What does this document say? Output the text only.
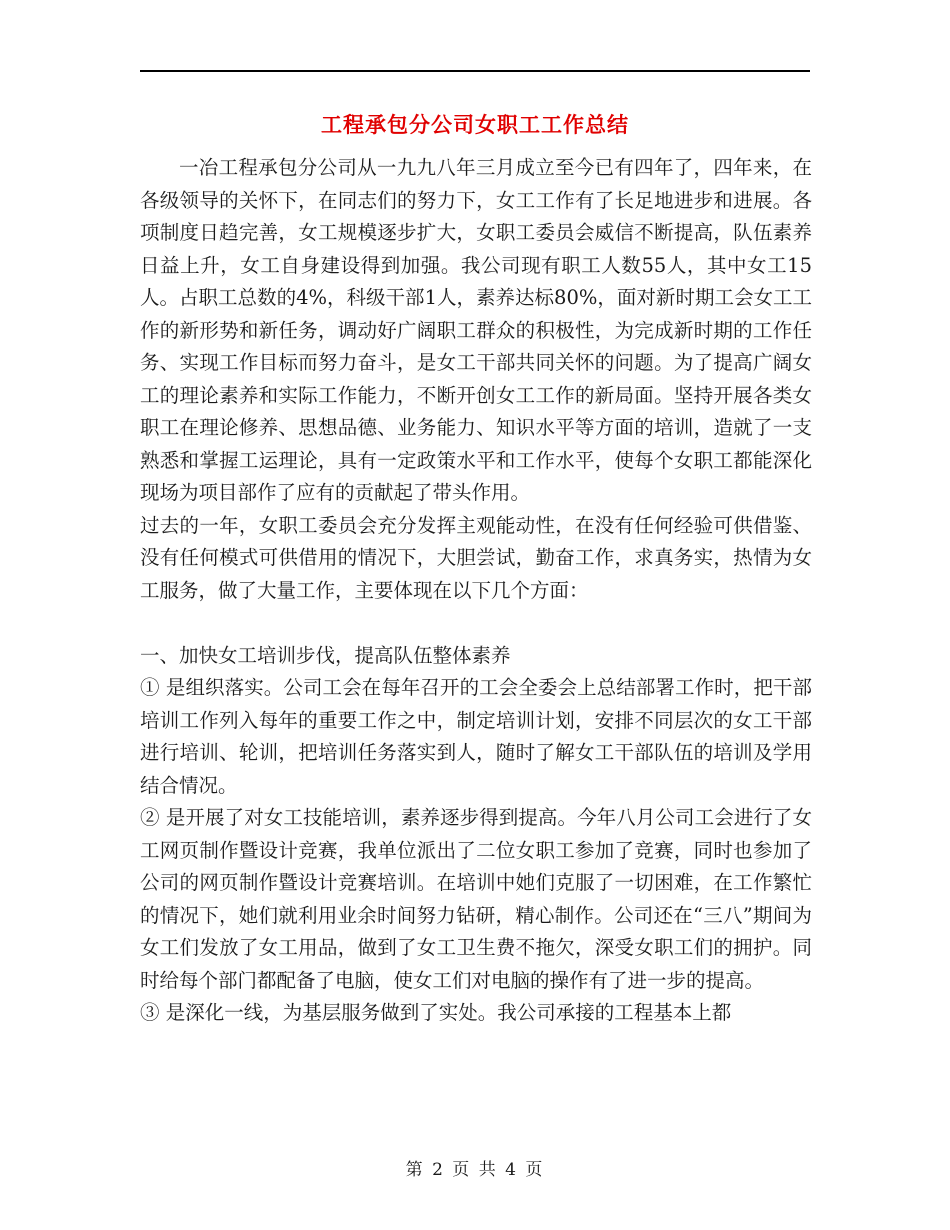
工程承包分公司女职工工作总结

一冶工程承包分公司从一九九八年三月成立至今已有四年了，四年来，在各级领导的关怀下，在同志们的努力下，女工工作有了长足地进步和进展。各项制度日趋完善，女工规模逐步扩大，女职工委员会威信不断提高，队伍素养日益上升，女工自身建设得到加强。我公司现有职工人数55人，其中女工15人。占职工总数的4%，科级干部1人，素养达标80%，面对新时期工会女工工作的新形势和新任务，调动好广阔职工群众的积极性，为完成新时期的工作任务、实现工作目标而努力奋斗，是女工干部共同关怀的问题。为了提高广阔女工的理论素养和实际工作能力，不断开创女工工作的新局面。坚持开展各类女职工在理论修养、思想品德、业务能力、知识水平等方面的培训，造就了一支熟悉和掌握工运理论，具有一定政策水平和工作水平，使每个女职工都能深化现场为项目部作了应有的贡献起了带头作用。

过去的一年，女职工委员会充分发挥主观能动性，在没有任何经验可供借鉴、没有任何模式可供借用的情况下，大胆尝试，勤奋工作，求真务实，热情为女工服务，做了大量工作，主要体现在以下几个方面：

一、加快女工培训步伐，提高队伍整体素养

① 是组织落实。公司工会在每年召开的工会全委会上总结部署工作时，把干部培训工作列入每年的重要工作之中，制定培训计划，安排不同层次的女工干部进行培训、轮训，把培训任务落实到人，随时了解女工干部队伍的培训及学用结合情况。

② 是开展了对女工技能培训，素养逐步得到提高。今年八月公司工会进行了女工网页制作暨设计竞赛，我单位派出了二位女职工参加了竞赛，同时也参加了公司的网页制作暨设计竞赛培训。在培训中她们克服了一切困难，在工作繁忙的情况下，她们就利用业余时间努力钻研，精心制作。公司还在“三八”期间为女工们发放了女工用品，做到了女工卫生费不拖欠，深受女职工们的拥护。同时给每个部门都配备了电脑，使女工们对电脑的操作有了进一步的提高。

③ 是深化一线，为基层服务做到了实处。我公司承接的工程基本上都

第 2 页 共 4 页
